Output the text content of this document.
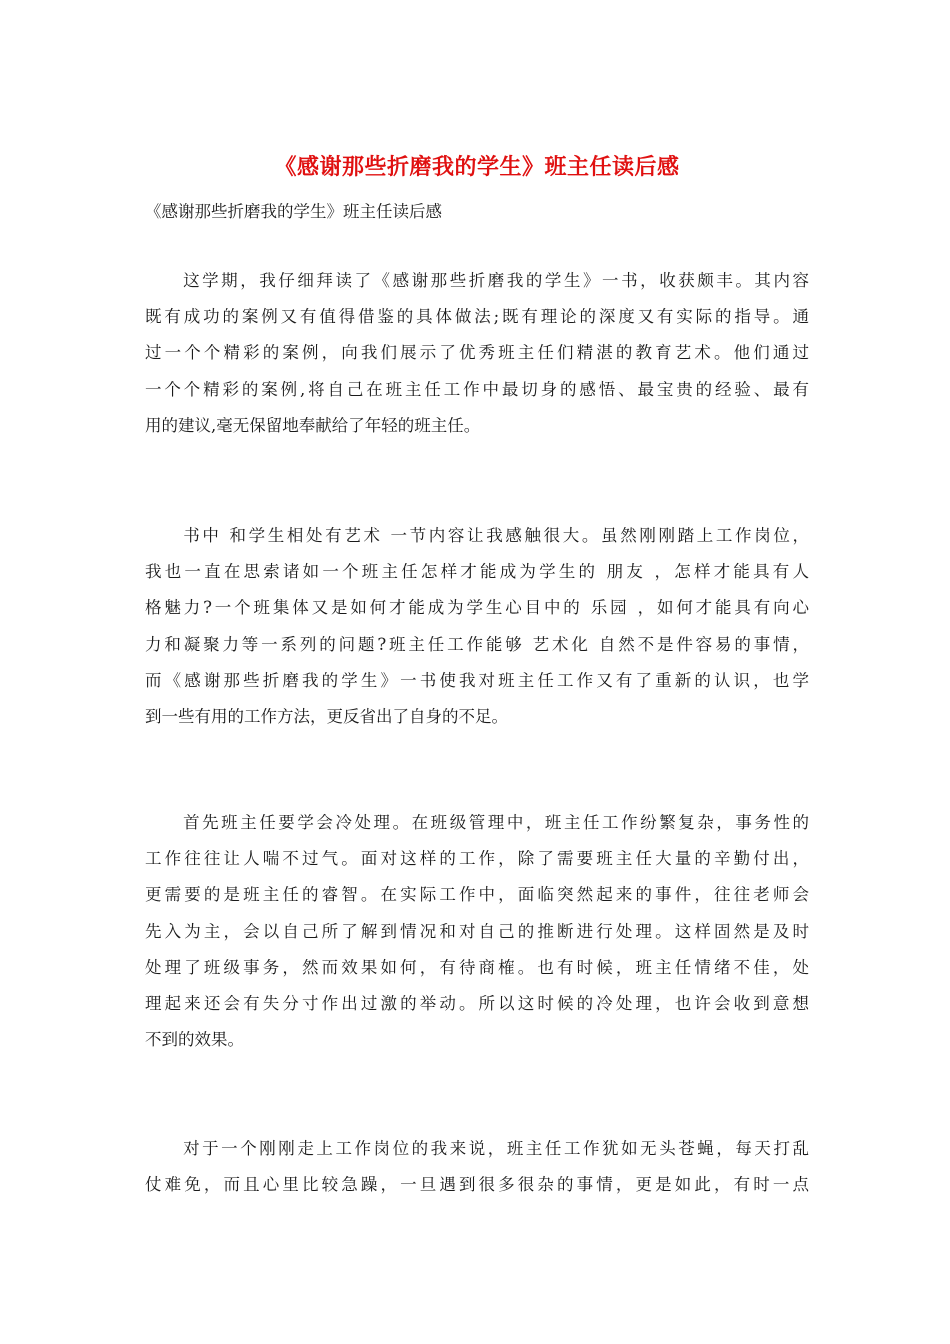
《感谢那些折磨我的学生》班主任读后感
《感谢那些折磨我的学生》班主任读后感
　　这学期，我仔细拜读了《感谢那些折磨我的学生》一书，收获颇丰。其内容
既有成功的案例又有值得借鉴的具体做法;既有理论的深度又有实际的指导。通
过一个个精彩的案例，向我们展示了优秀班主任们精湛的教育艺术。他们通过
一个个精彩的案例,将自己在班主任工作中最切身的感悟、最宝贵的经验、最有
用的建议,毫无保留地奉献给了年轻的班主任。
　　书中 和学生相处有艺术 一节内容让我感触很大。虽然刚刚踏上工作岗位，
我也一直在思索诸如一个班主任怎样才能成为学生的 朋友 ，怎样才能具有人
格魅力?一个班集体又是如何才能成为学生心目中的 乐园 ，如何才能具有向心
力和凝聚力等一系列的问题?班主任工作能够 艺术化 自然不是件容易的事情，
而《感谢那些折磨我的学生》一书使我对班主任工作又有了重新的认识，也学
到一些有用的工作方法，更反省出了自身的不足。
　　首先班主任要学会冷处理。在班级管理中，班主任工作纷繁复杂，事务性的
工作往往让人喘不过气。面对这样的工作，除了需要班主任大量的辛勤付出，
更需要的是班主任的睿智。在实际工作中，面临突然起来的事件，往往老师会
先入为主，会以自己所了解到情况和对自己的推断进行处理。这样固然是及时
处理了班级事务，然而效果如何，有待商榷。也有时候，班主任情绪不佳，处
理起来还会有失分寸作出过激的举动。所以这时候的冷处理，也许会收到意想
不到的效果。
　　对于一个刚刚走上工作岗位的我来说，班主任工作犹如无头苍蝇，每天打乱
仗难免，而且心里比较急躁，一旦遇到很多很杂的事情，更是如此，有时一点
